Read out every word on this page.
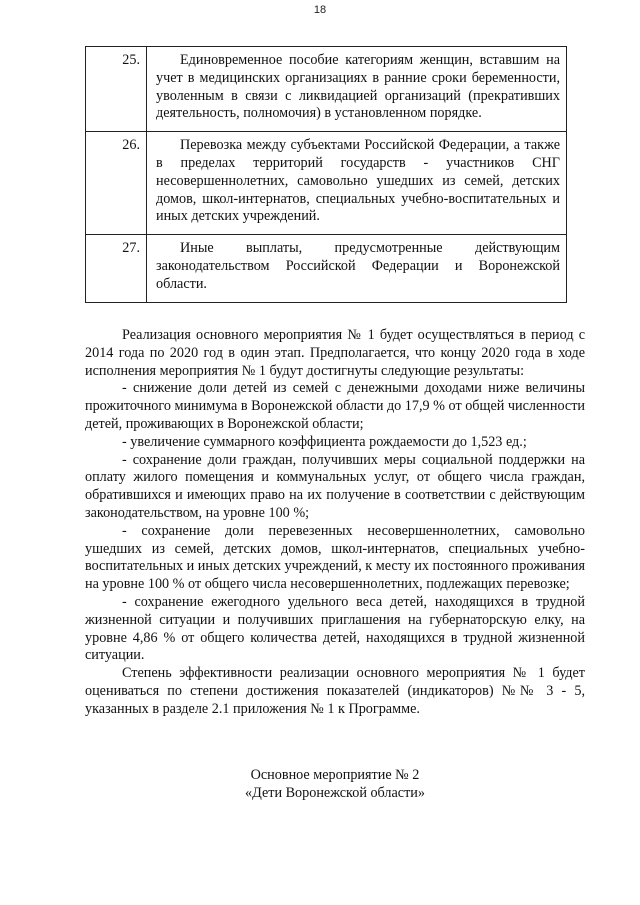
18
25.	Единовременное пособие категориям женщин, вставшим на учет в медицинских организациях в ранние сроки беременности, уволенным в связи с ликвидацией организаций (прекративших деятельность, полномочия) в установленном порядке.
26.	Перевозка между субъектами Российской Федерации, а также в пределах территорий государств - участников СНГ несовершеннолетних, самовольно ушедших из семей, детских домов, школ-интернатов, специальных учебно-воспитательных и иных детских учреждений.
27.	Иные выплаты, предусмотренные действующим законодательством Российской Федерации и Воронежской области.

Реализация основного мероприятия № 1 будет осуществляться в период с 2014 года по 2020 год в один этап. Предполагается, что концу 2020 года в ходе исполнения мероприятия № 1 будут достигнуты следующие результаты:

- снижение доли детей из семей с денежными доходами ниже величины прожиточного минимума в Воронежской области до 17,9 % от общей численности детей, проживающих в Воронежской области;

- увеличение суммарного коэффициента рождаемости до 1,523 ед.;

- сохранение доли граждан, получивших меры социальной поддержки на оплату жилого помещения и коммунальных услуг, от общего числа граждан, обратившихся и имеющих право на их получение в соответствии с действующим законодательством, на уровне 100 %;

- сохранение доли перевезенных несовершеннолетних, самовольно ушедших из семей, детских домов, школ-интернатов, специальных учебно-воспитательных и иных детских учреждений, к месту их постоянного проживания на уровне 100 % от общего числа несовершеннолетних, подлежащих перевозке;

- сохранение ежегодного удельного веса детей, находящихся в трудной жизненной ситуации и получивших приглашения на губернаторскую елку, на уровне 4,86 % от общего количества детей, находящихся в трудной жизненной ситуации.

Степень эффективности реализации основного мероприятия № 1 будет оцениваться по степени достижения показателей (индикаторов) №№ 3 - 5, указанных в разделе 2.1 приложения № 1 к Программе.

Основное мероприятие № 2
«Дети Воронежской области»
